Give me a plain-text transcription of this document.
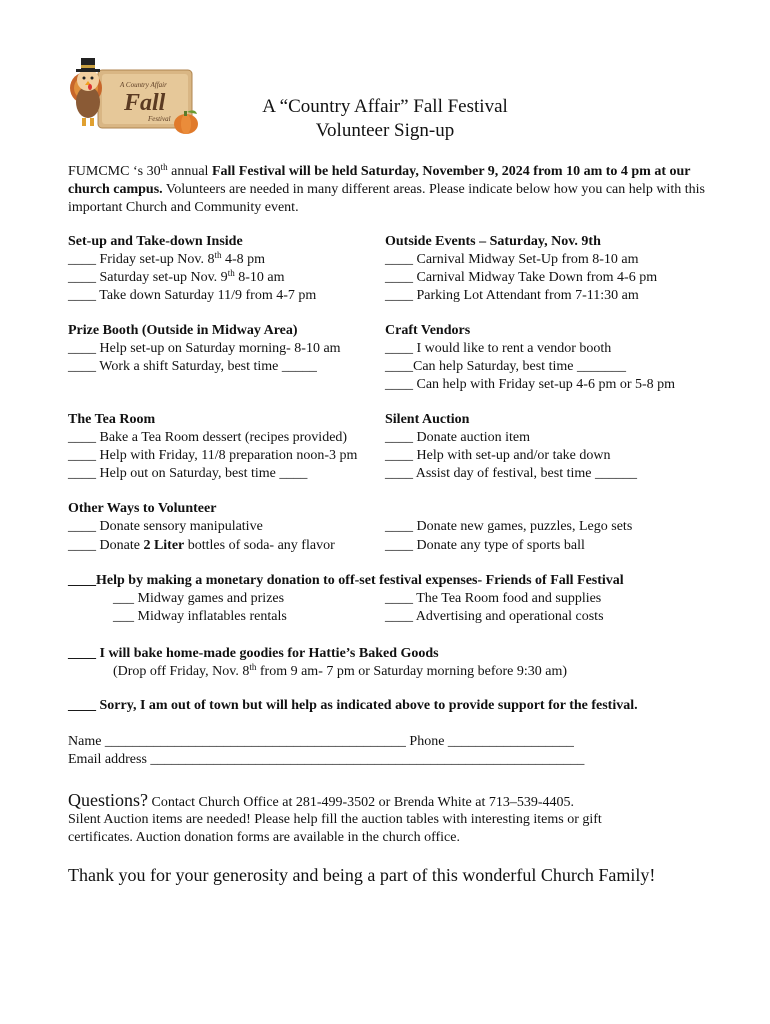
A Country Affair
Fall
Festival
A “Country Affair” Fall Festival
Volunteer Sign-up
FUMCMC ‘s 30th annual Fall Festival will be held Saturday, November 9, 2024 from 10 am to 4 pm at our church campus. Volunteers are needed in many different areas. Please indicate below how you can help with this important Church and Community event.
Set-up and Take-down Inside
____ Friday set-up Nov. 8th 4-8 pm
____ Saturday set-up Nov. 9th 8-10 am
____ Take down Saturday 11/9 from 4-7 pm
Outside Events – Saturday, Nov. 9th
____ Carnival Midway Set-Up from 8-10 am
____ Carnival Midway Take Down from 4-6 pm
____ Parking Lot Attendant from 7-11:30 am
Prize Booth (Outside in Midway Area)
____ Help set-up on Saturday morning- 8-10 am
____ Work a shift Saturday, best time _____
Craft Vendors
____ I would like to rent a vendor booth
____Can help Saturday, best time _______
____ Can help with Friday set-up 4-6 pm or 5-8 pm
The Tea Room
____ Bake a Tea Room dessert (recipes provided)
____ Help with Friday, 11/8 preparation noon-3 pm
____ Help out on Saturday, best time ____
Silent Auction
____ Donate auction item
____ Help with set-up and/or take down
____ Assist day of festival, best time ______
Other Ways to Volunteer
____ Donate sensory manipulative
____ Donate 2 Liter bottles of soda- any flavor
____ Donate new games, puzzles, Lego sets
____ Donate any type of sports ball
____Help by making a monetary donation to off-set festival expenses- Friends of Fall Festival
___ Midway games and prizes
___ Midway inflatables rentals
____ The Tea Room food and supplies
____ Advertising and operational costs
____ I will bake home-made goodies for Hattie’s Baked Goods
(Drop off Friday, Nov. 8th from 9 am- 7 pm or Saturday morning before 9:30 am)
____ Sorry, I am out of town but will help as indicated above to provide support for the festival.
Name ___________________________________________ Phone __________________
Email address ______________________________________________________________
Questions? Contact Church Office at 281-499-3502 or Brenda White at 713–539-4405.
Silent Auction items are needed! Please help fill the auction tables with interesting items or gift
certificates. Auction donation forms are available in the church office.
Thank you for your generosity and being a part of this wonderful Church Family!
